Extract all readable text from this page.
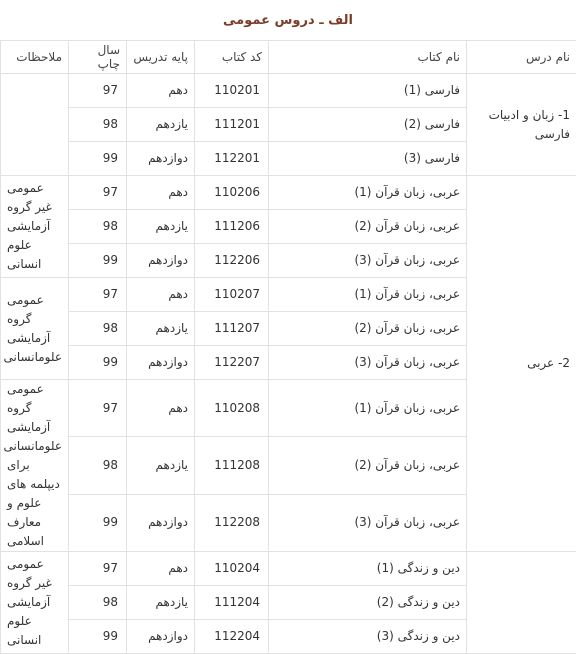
الف ـ دروس عمومی
نام درس	نام کتاب	کد کتاب	پایه تدریس	سال چاپ	ملاحظات
1- زبان و ادبیات فارسی	فارسی (1)	110201	دهم	97	
	فارسی (2)	111201	یازدهم	98	
	فارسی (3)	112201	دوازدهم	99	
2- عربی	عربی، زبان قرآن (1)	110206	دهم	97	عمومی غیر گروه آزمایشی علوم انسانی
	عربی، زبان قرآن (2)	111206	یازدهم	98	
	عربی، زبان قرآن (3)	112206	دوازدهم	99	
	عربی، زبان قرآن (1)	110207	دهم	97	عمومی گروه آزمایشی علومانسانی
	عربی، زبان قرآن (2)	111207	یازدهم	98	
	عربی، زبان قرآن (3)	112207	دوازدهم	99	
	عربی، زبان قرآن (1)	110208	دهم	97	عمومی گروه آزمایشی علومانسانی برای دیپلمه های علوم و معارف اسلامی
	عربی، زبان قرآن (2)	111208	یازدهم	98	
	عربی، زبان قرآن (3)	112208	دوازدهم	99	
	دین و زندگی (1)	110204	دهم	97	عمومی غیر گروه آزمایشی علوم انسانی
	دین و زندگی (2)	111204	یازدهم	98	
	دین و زندگی (3)	112204	دوازدهم	99	
